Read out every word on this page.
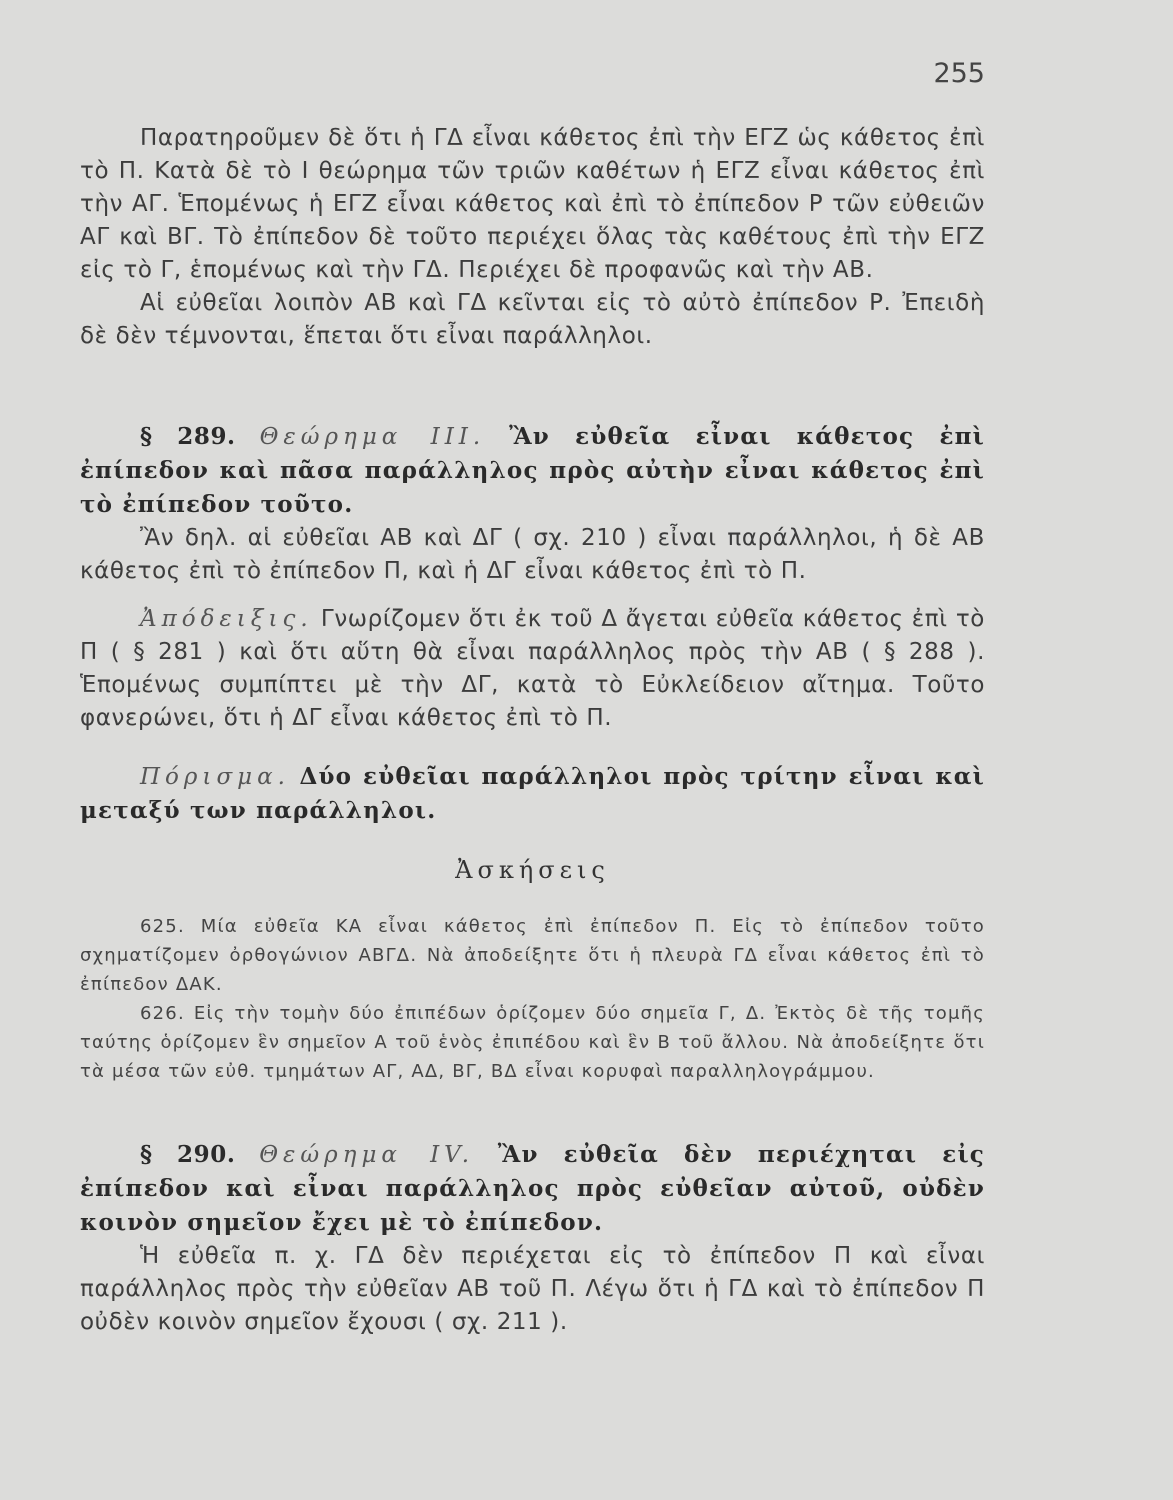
255

Παρατηροῦμεν δὲ ὅτι ἡ ΓΔ εἶναι κάθετος ἐπὶ τὴν ΕΓΖ ὡς κάθετος ἐπὶ τὸ Π. Κατὰ δὲ τὸ Ι θεώρημα τῶν τριῶν καθέτων ἡ ΕΓΖ εἶναι κάθετος ἐπὶ τὴν ΑΓ. Ἑπομένως ἡ ΕΓΖ εἶναι κάθετος καὶ ἐπὶ τὸ ἐπίπεδον Ρ τῶν εὐθειῶν ΑΓ καὶ ΒΓ. Τὸ ἐπίπεδον δὲ τοῦτο περιέχει ὅλας τὰς καθέτους ἐπὶ τὴν ΕΓΖ εἰς τὸ Γ, ἑπομένως καὶ τὴν ΓΔ. Περιέχει δὲ προφανῶς καὶ τὴν ΑΒ.

Αἱ εὐθεῖαι λοιπὸν ΑΒ καὶ ΓΔ κεῖνται εἰς τὸ αὐτὸ ἐπίπεδον Ρ. Ἐπειδὴ δὲ δὲν τέμνονται, ἕπεται ὅτι εἶναι παράλληλοι.

§ 289. Θεώρημα III. Ἂν εὐθεῖα εἶναι κάθετος ἐπὶ ἐπίπεδον καὶ πᾶσα παράλληλος πρὸς αὐτὴν εἶναι κάθετος ἐπὶ τὸ ἐπίπεδον τοῦτο.

Ἂν δηλ. αἱ εὐθεῖαι ΑΒ καὶ ΔΓ ( σχ. 210 ) εἶναι παράλληλοι, ἡ δὲ ΑΒ κάθετος ἐπὶ τὸ ἐπίπεδον Π, καὶ ἡ ΔΓ εἶναι κάθετος ἐπὶ τὸ Π.

Ἀπόδειξις. Γνωρίζομεν ὅτι ἐκ τοῦ Δ ἄγεται εὐθεῖα κάθετος ἐπὶ τὸ Π ( § 281 ) καὶ ὅτι αὕτη θὰ εἶναι παράλληλος πρὸς τὴν ΑΒ ( § 288 ). Ἑπομένως συμπίπτει μὲ τὴν ΔΓ, κατὰ τὸ Εὐκλείδειον αἴτημα. Τοῦτο φανερώνει, ὅτι ἡ ΔΓ εἶναι κάθετος ἐπὶ τὸ Π.

Πόρισμα. Δύο εὐθεῖαι παράλληλοι πρὸς τρίτην εἶναι καὶ μεταξύ των παράλληλοι.

Ἀσκήσεις

625. Μία εὐθεῖα ΚΑ εἶναι κάθετος ἐπὶ ἐπίπεδον Π. Εἰς τὸ ἐπίπεδον τοῦτο σχηματίζομεν ὀρθογώνιον ΑΒΓΔ. Νὰ ἀποδείξητε ὅτι ἡ πλευρὰ ΓΔ εἶναι κάθετος ἐπὶ τὸ ἐπίπεδον ΔΑΚ.

626. Εἰς τὴν τομὴν δύο ἐπιπέδων ὁρίζομεν δύο σημεῖα Γ, Δ. Ἐκτὸς δὲ τῆς τομῆς ταύτης ὁρίζομεν ἓν σημεῖον Α τοῦ ἑνὸς ἐπιπέδου καὶ ἓν Β τοῦ ἄλλου. Νὰ ἀποδείξητε ὅτι τὰ μέσα τῶν εὐθ. τμημάτων ΑΓ, ΑΔ, ΒΓ, ΒΔ εἶναι κορυφαὶ παραλληλογράμμου.

§ 290. Θεώρημα IV. Ἂν εὐθεῖα δὲν περιέχηται εἰς ἐπίπεδον καὶ εἶναι παράλληλος πρὸς εὐθεῖαν αὐτοῦ, οὐδὲν κοινὸν σημεῖον ἔχει μὲ τὸ ἐπίπεδον.

Ἡ εὐθεῖα π. χ. ΓΔ δὲν περιέχεται εἰς τὸ ἐπίπεδον Π καὶ εἶναι παράλληλος πρὸς τὴν εὐθεῖαν ΑΒ τοῦ Π. Λέγω ὅτι ἡ ΓΔ καὶ τὸ ἐπίπεδον Π οὐδὲν κοινὸν σημεῖον ἔχουσι ( σχ. 211 ).
